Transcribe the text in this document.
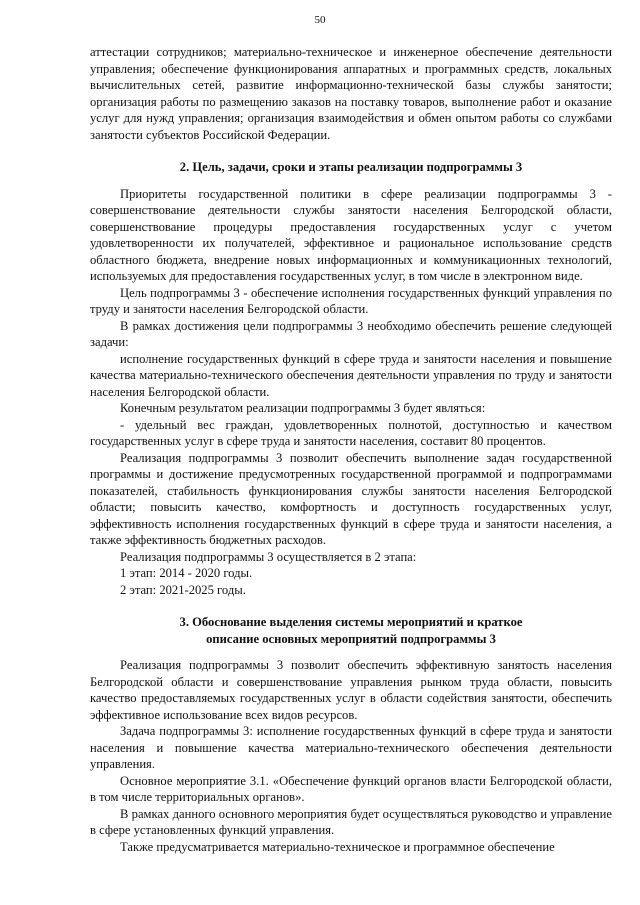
50

аттестации сотрудников; материально-техническое и инженерное обеспечение деятельности управления; обеспечение функционирования аппаратных и программных средств, локальных вычислительных сетей, развитие информационно-технической базы службы занятости; организация работы по размещению заказов на поставку товаров, выполнение работ и оказание услуг для нужд управления; организация взаимодействия и обмен опытом работы со службами занятости субъектов Российской Федерации.

2. Цель, задачи, сроки и этапы реализации подпрограммы 3

Приоритеты государственной политики в сфере реализации подпрограммы 3 - совершенствование деятельности службы занятости населения Белгородской области, совершенствование процедуры предоставления государственных услуг с учетом удовлетворенности их получателей, эффективное и рациональное использование средств областного бюджета, внедрение новых информационных и коммуникационных технологий, используемых для предоставления государственных услуг, в том числе в электронном виде.

Цель подпрограммы 3 - обеспечение исполнения государственных функций управления по труду и занятости населения Белгородской области.

В рамках достижения цели подпрограммы 3 необходимо обеспечить решение следующей задачи:

исполнение государственных функций в сфере труда и занятости населения и повышение качества материально-технического обеспечения деятельности управления по труду и занятости населения Белгородской области.

Конечным результатом реализации подпрограммы 3 будет являться:

- удельный вес граждан, удовлетворенных полнотой, доступностью и качеством государственных услуг в сфере труда и занятости населения, составит 80 процентов.

Реализация подпрограммы 3 позволит обеспечить выполнение задач государственной программы и достижение предусмотренных государственной программой и подпрограммами показателей, стабильность функционирования службы занятости населения Белгородской области; повысить качество, комфортность и доступность государственных услуг, эффективность исполнения государственных функций в сфере труда и занятости населения, а также эффективность бюджетных расходов.

Реализация подпрограммы 3 осуществляется в 2 этапа:

1 этап: 2014 - 2020 годы.

2 этап: 2021-2025 годы.

3. Обоснование выделения системы мероприятий и краткое
описание основных мероприятий подпрограммы 3

Реализация подпрограммы 3 позволит обеспечить эффективную занятость населения Белгородской области и совершенствование управления рынком труда области, повысить качество предоставляемых государственных услуг в области содействия занятости, обеспечить эффективное использование всех видов ресурсов.

Задача подпрограммы 3: исполнение государственных функций в сфере труда и занятости населения и повышение качества материально-технического обеспечения деятельности управления.

Основное мероприятие 3.1. «Обеспечение функций органов власти Белгородской области, в том числе территориальных органов».

В рамках данного основного мероприятия будет осуществляться руководство и управление в сфере установленных функций управления.

Также предусматривается материально-техническое и программное обеспечение
